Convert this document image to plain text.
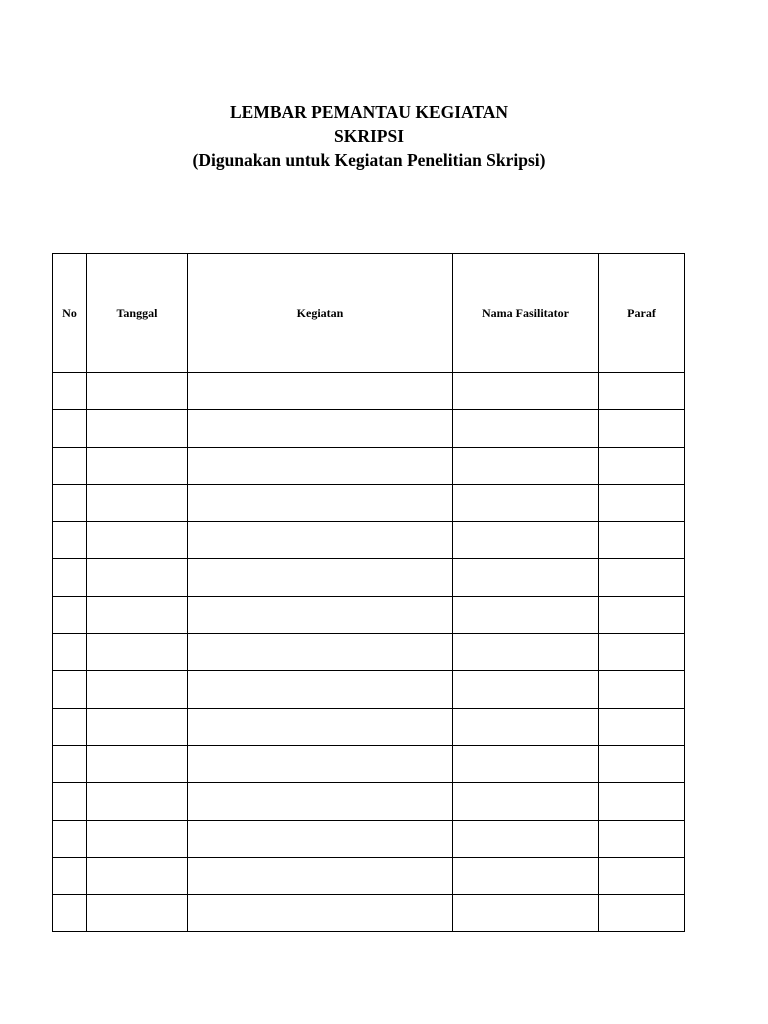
LEMBAR PEMANTAU KEGIATAN
SKRIPSI
(Digunakan untuk Kegiatan Penelitian Skripsi)
No	Tanggal	Kegiatan	Nama Fasilitator	Paraf
